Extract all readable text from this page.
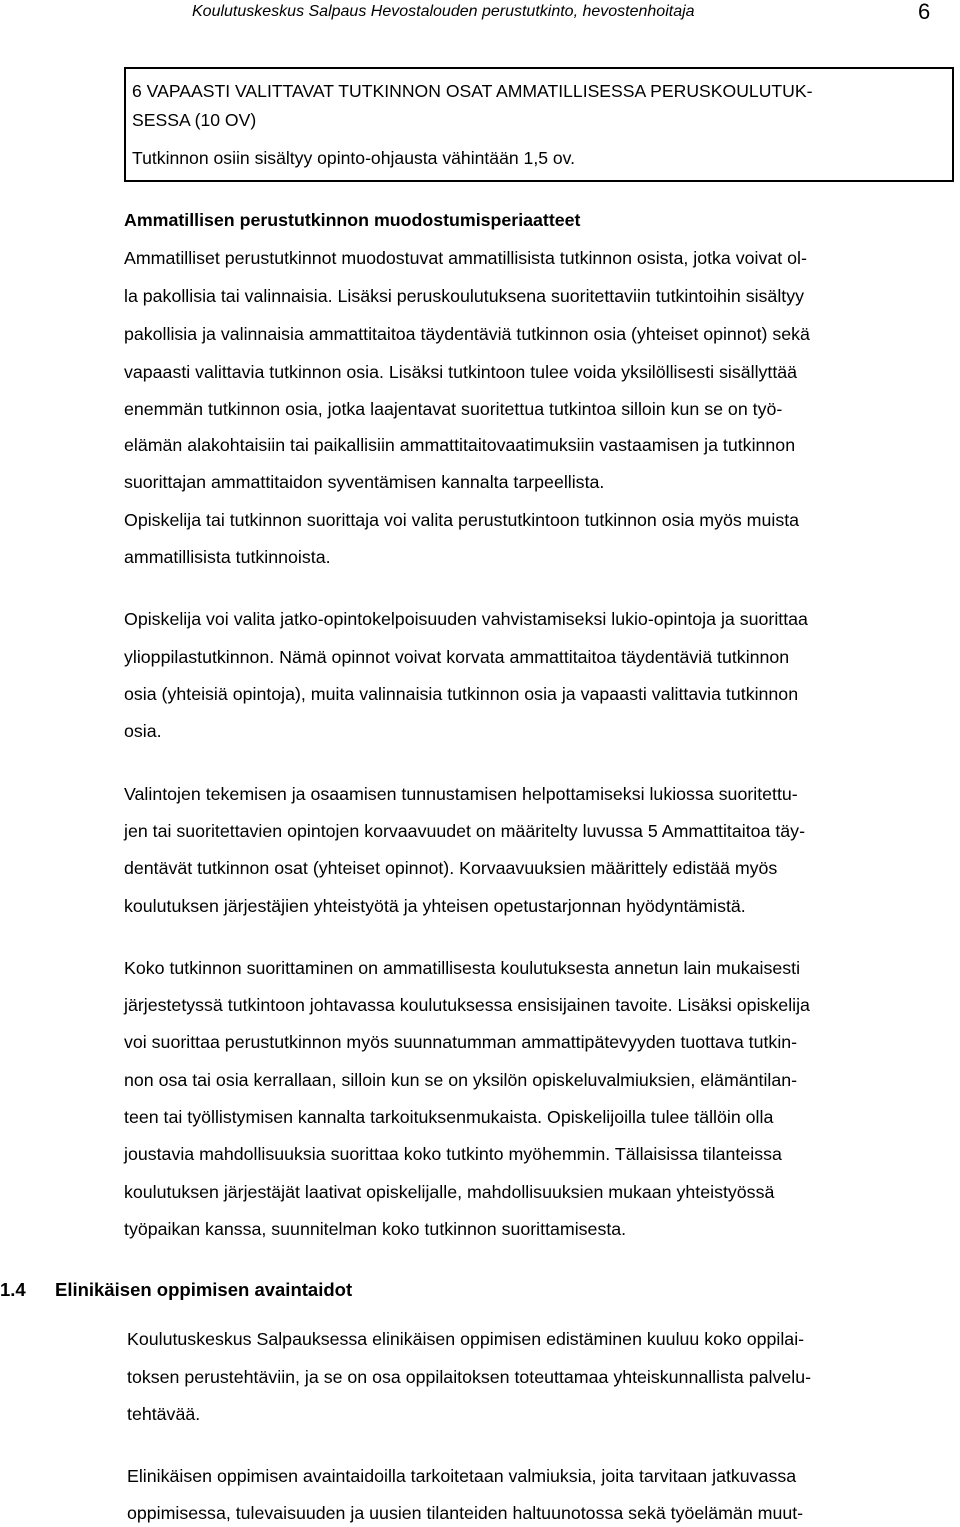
Koulutuskeskus Salpaus Hevostalouden perustutkinto, hevostenhoitaja	6
6 VAPAASTI VALITTAVAT TUTKINNON OSAT AMMATILLISESSA PERUSKOULUTUK-
SESSA (10 OV)
Tutkinnon osiin sisältyy opinto-ohjausta vähintään 1,5 ov.
Ammatillisen perustutkinnon muodostumisperiaatteet
Ammatilliset perustutkinnot muodostuvat ammatillisista tutkinnon osista, jotka voivat ol-
la pakollisia tai valinnaisia. Lisäksi peruskoulutuksena suoritettaviin tutkintoihin sisältyy
pakollisia ja valinnaisia ammattitaitoa täydentäviä tutkinnon osia (yhteiset opinnot) sekä
vapaasti valittavia tutkinnon osia. Lisäksi tutkintoon tulee voida yksilöllisesti sisällyttää
enemmän tutkinnon osia, jotka laajentavat suoritettua tutkintoa silloin kun se on työ-
elämän alakohtaisiin tai paikallisiin ammattitaitovaatimuksiin vastaamisen ja tutkinnon
suorittajan ammattitaidon syventämisen kannalta tarpeellista.
Opiskelija tai tutkinnon suorittaja voi valita perustutkintoon tutkinnon osia myös muista
ammatillisista tutkinnoista.
Opiskelija voi valita jatko-opintokelpoisuuden vahvistamiseksi lukio-opintoja ja suorittaa
ylioppilastutkinnon. Nämä opinnot voivat korvata ammattitaitoa täydentäviä tutkinnon
osia (yhteisiä opintoja), muita valinnaisia tutkinnon osia ja vapaasti valittavia tutkinnon
osia.
Valintojen tekemisen ja osaamisen tunnustamisen helpottamiseksi lukiossa suoritettu-
jen tai suoritettavien opintojen korvaavuudet on määritelty luvussa 5 Ammattitaitoa täy-
dentävät tutkinnon osat (yhteiset opinnot). Korvaavuuksien määrittely edistää myös
koulutuksen järjestäjien yhteistyötä ja yhteisen opetustarjonnan hyödyntämistä.
Koko tutkinnon suorittaminen on ammatillisesta koulutuksesta annetun lain mukaisesti
järjestetyssä tutkintoon johtavassa koulutuksessa ensisijainen tavoite. Lisäksi opiskelija
voi suorittaa perustutkinnon myös suunnatumman ammattipätevyyden tuottava tutkin-
non osa tai osia kerrallaan, silloin kun se on yksilön opiskeluvalmiuksien, elämäntilan-
teen tai työllistymisen kannalta tarkoituksenmukaista. Opiskelijoilla tulee tällöin olla
joustavia mahdollisuuksia suorittaa koko tutkinto myöhemmin. Tällaisissa tilanteissa
koulutuksen järjestäjät laativat opiskelijalle, mahdollisuuksien mukaan yhteistyössä
työpaikan kanssa, suunnitelman koko tutkinnon suorittamisesta.
1.4 Elinikäisen oppimisen avaintaidot
Koulutuskeskus Salpauksessa elinikäisen oppimisen edistäminen kuuluu koko oppilai-
toksen perustehtäviin, ja se on osa oppilaitoksen toteuttamaa yhteiskunnallista palvelu-
tehtävää.
Elinikäisen oppimisen avaintaidoilla tarkoitetaan valmiuksia, joita tarvitaan jatkuvassa
oppimisessa, tulevaisuuden ja uusien tilanteiden haltuunotossa sekä työelämän muut-
